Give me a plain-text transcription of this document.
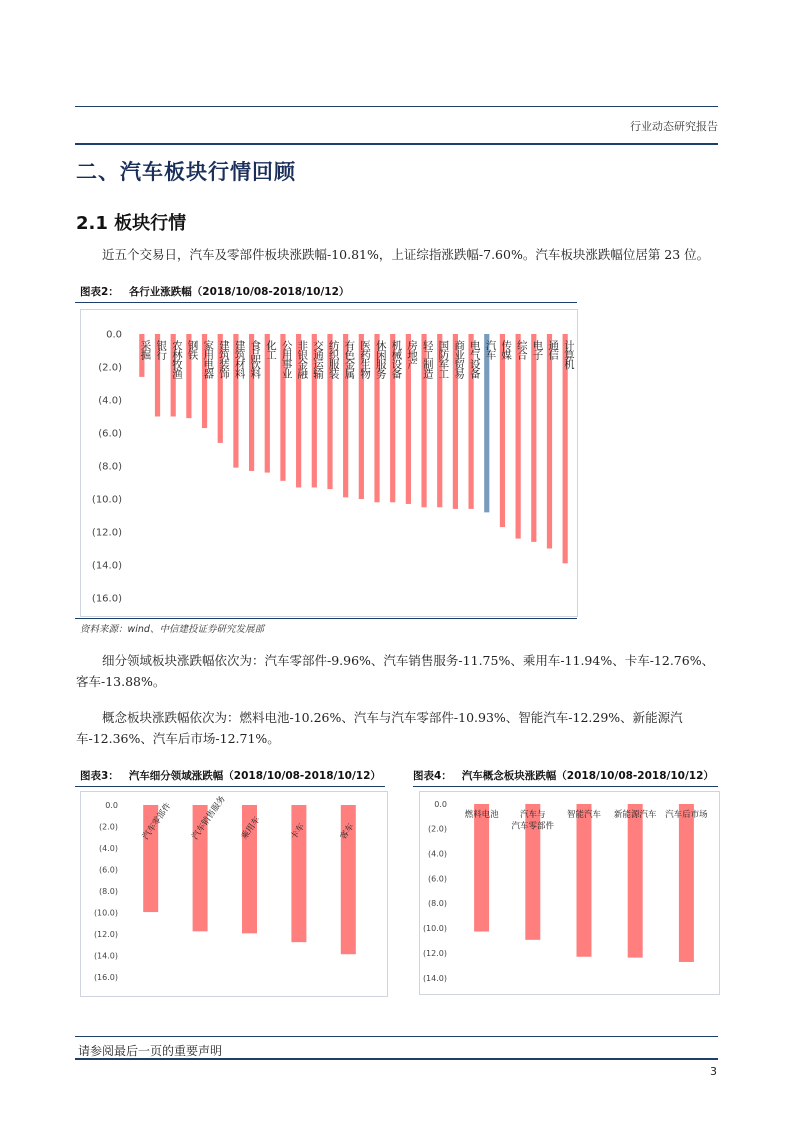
行业动态研究报告
二、汽车板块行情回顾
2.1 板块行情
近五个交易日，汽车及零部件板块涨跌幅-10.81%，上证综指涨跌幅-7.60%。汽车板块涨跌幅位居第 23 位。
图表2： 各行业涨跌幅（2018/10/08-2018/10/12）
0.0
(2.0)
(4.0)
(6.0)
(8.0)
(10.0)
(12.0)
(14.0)
(16.0)
采掘 银行 农林牧渔 钢铁 家用电器 建筑装饰 建筑材料 食品饮料 化工 公用事业 非银金融 交通运输 纺织服装 有色金属 医药生物 休闲服务 机械设备 房地产 轻工制造 国防军工 商业贸易 电气设备 汽车 传媒 综合 电子 通信 计算机
资料来源：wind、中信建投证券研究发展部
细分领域板块涨跌幅依次为：汽车零部件-9.96%、汽车销售服务-11.75%、乘用车-11.94%、卡车-12.76%、客车-13.88%。
概念板块涨跌幅依次为：燃料电池-10.26%、汽车与汽车零部件-10.93%、智能汽车-12.29%、新能源汽车-12.36%、汽车后市场-12.71%。
图表3： 汽车细分领域涨跌幅（2018/10/08-2018/10/12）	图表4： 汽车概念板块涨跌幅（2018/10/08-2018/10/12）
0.0
(2.0)
(4.0)
(6.0)
(8.0)
(10.0)
(12.0)
(14.0)
(16.0)
汽车零部件 汽车销售服务 乘用车	卡车	客车
0.0
(2.0)
(4.0)
(6.0)
(8.0)
(10.0)
(12.0)
(14.0)
燃料电池	汽车与
汽车零部件
智能汽车 新能源汽车 汽车后市场
请参阅最后一页的重要声明
3
